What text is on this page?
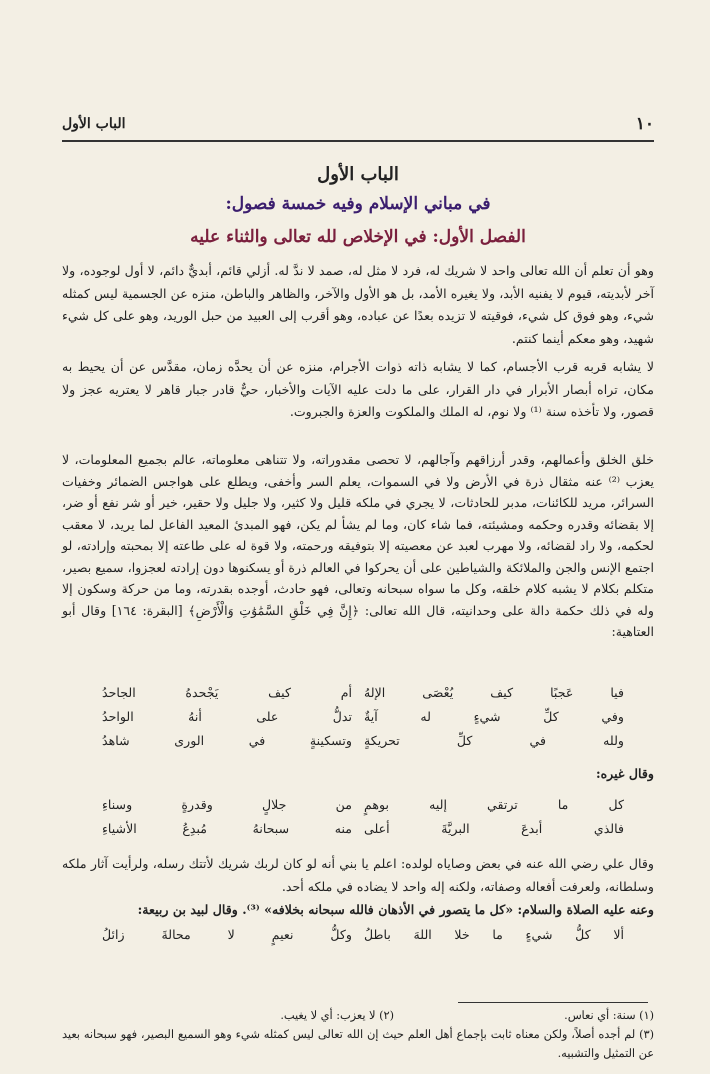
١٠
الباب الأول
الباب الأول
في مباني الإسلام وفيه خمسة فصول:
الفصل الأول: في الإخلاص لله تعالى والثناء عليه

وهو أن تعلم أن الله تعالى واحد لا شريك له، فرد لا مثل له، صمد لا ندَّ له. أزلي قائم، أبديٌّ دائم، لا أول لوجوده، ولا آخر لأبديته، قيوم لا يفنيه الأبد، ولا يغيره الأمد، بل هو الأول والآخر، والظاهر والباطن، منزه عن الجسمية ليس كمثله شيء، وهو فوق كل شيء، فوقيته لا تزيده بعدًا عن عباده، وهو أقرب إلى العبيد من حبل الوريد، وهو على كل شيء شهيد، وهو معكم أينما كنتم.

لا يشابه قربه قرب الأجسام، كما لا يشابه ذاته ذوات الأجرام، منزه عن أن يحدَّه زمان، مقدَّس عن أن يحيط به مكان، تراه أبصار الأبرار في دار القرار، على ما دلت عليه الآيات والأخبار، حيٌّ قادر جبار قاهر لا يعتريه عجز ولا قصور، ولا تأخذه سنة ⁽¹⁾ ولا نوم، له الملك والملكوت والعزة والجبروت.

خلق الخلق وأعمالهم، وقدر أرزاقهم وآجالهم، لا تحصى مقدوراته، ولا تتناهى معلوماته، عالم بجميع المعلومات، لا يعزب ⁽²⁾ عنه مثقال ذرة في الأرض ولا في السموات، يعلم السر وأخفى، ويطلع على هواجس الضمائر وخفيات السرائر، مريد للكائنات، مدبر للحادثات، لا يجري في ملكه قليل ولا كثير، ولا جليل ولا حقير، خير أو شر نفع أو ضر، إلا بقضائه وقدره وحكمه ومشيئته، فما شاء كان، وما لم يشأ لم يكن، فهو المبدئ المعيد الفاعل لما يريد، لا معقب لحكمه، ولا راد لقضائه، ولا مهرب لعبد عن معصيته إلا بتوفيقه ورحمته، ولا قوة له على طاعته إلا بمحبته وإرادته، لو اجتمع الإنس والجن والملائكة والشياطين على أن يحركوا في العالم ذرة أو يسكنوها دون إرادته لعجزوا، سميع بصير، متكلم بكلام لا يشبه كلام خلقه، وكل ما سواه سبحانه وتعالى، فهو حادث، أوجده بقدرته، وما من حركة وسكون إلا وله في ذلك حكمة دالة على وحدانيته، قال الله تعالى: ﴿إِنَّ فِي خَلْقِ السَّمَٰوَٰتِ وَالْأَرْضِ﴾ [البقرة: ١٦٤] وقال أبو العتاهية:

فيا عَجبًا كيف يُعْصَى الإلهُ
أم كيف يَجْحدهُ الجاحدُ
وفي كلِّ شيءٍ له آيةٌ
تدلُّ على أنهُ الواحدُ
ولله في كلِّ تحريكةٍ
وتسكينةٍ في الورى شاهدُ
وقال غيره:
كل ما ترتقي إليه بوهمٍ
من جلالٍ وقدرةٍ وسناءِ
فالذي أبدعَ البريَّةَ أعلى
منه سبحانهُ مُبدِعُ الأشياءِ

وقال علي رضي الله عنه في بعض وصاياه لولده: اعلم يا بني أنه لو كان لربك شريك لأتتك رسله، ولرأيت آثار ملكه وسلطانه، ولعرفت أفعاله وصفاته، ولكنه إله واحد لا يضاده في ملكه أحد.

وعنه عليه الصلاة والسلام: «كل ما يتصور في الأذهان فالله سبحانه بخلافه» ⁽³⁾. وقال لبيد بن ربيعة:
ألا كلُّ شيءٍ ما خلا اللهَ باطلُ
وكلُّ نعيمٍ لا محالةَ زائلُ
(١) سنة: أي نعاس.
(٢) لا يعزب: أي لا يغيب.
(٣) لم أجده أصلاً، ولكن معناه ثابت بإجماع أهل العلم حيث إن الله تعالى ليس كمثله شيء وهو السميع البصير، فهو سبحانه بعيد عن التمثيل والتشبيه.
